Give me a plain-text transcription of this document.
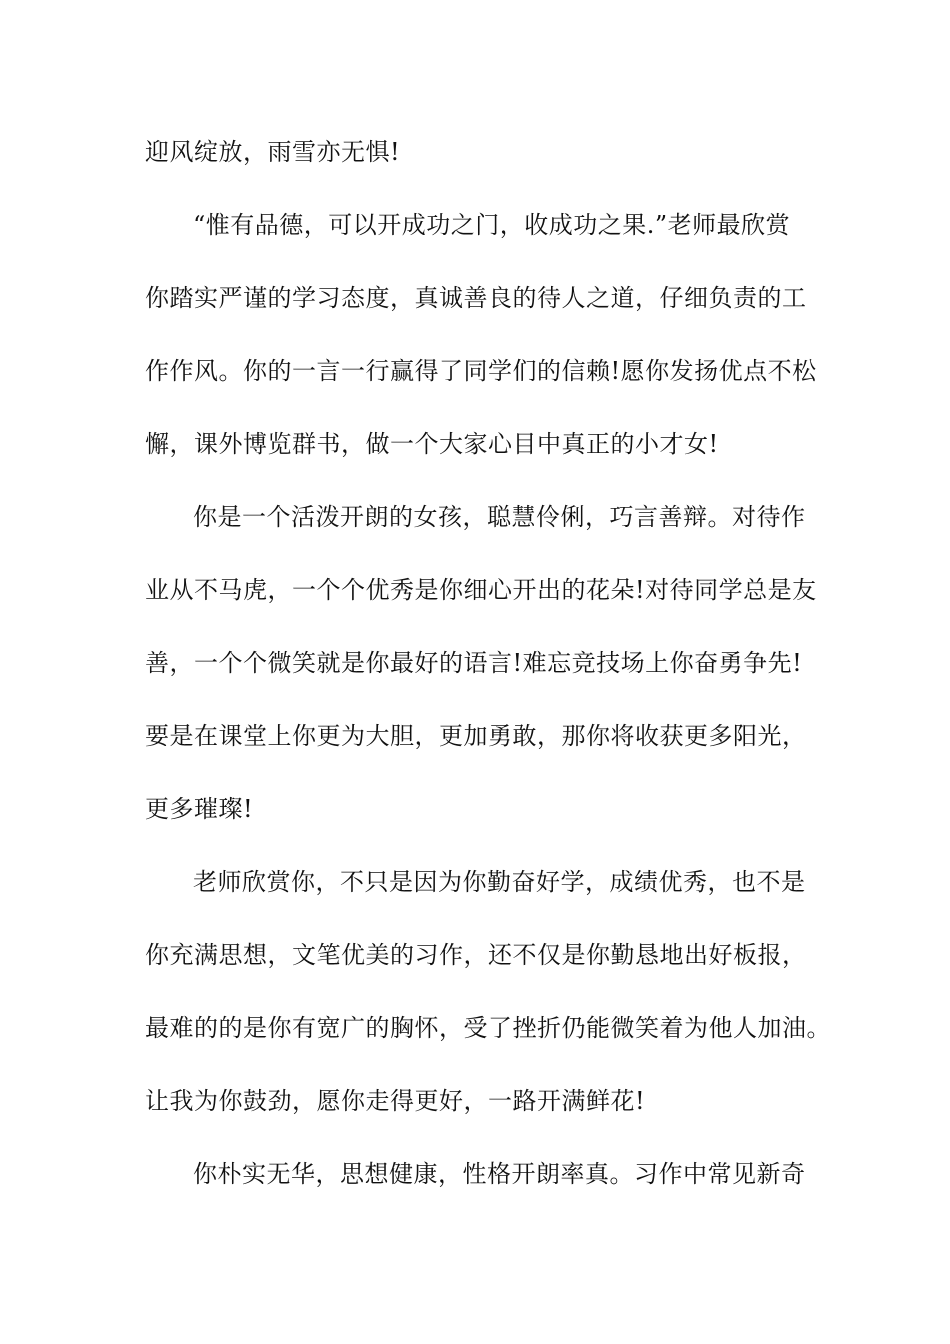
迎风绽放，雨雪亦无惧!
“惟有品德，可以开成功之门，收成功之果.”老师最欣赏
你踏实严谨的学习态度，真诚善良的待人之道，仔细负责的工
作作风。你的一言一行赢得了同学们的信赖!愿你发扬优点不松
懈，课外博览群书，做一个大家心目中真正的小才女!
你是一个活泼开朗的女孩，聪慧伶俐，巧言善辩。对待作
业从不马虎，一个个优秀是你细心开出的花朵!对待同学总是友
善，一个个微笑就是你最好的语言!难忘竞技场上你奋勇争先!
要是在课堂上你更为大胆，更加勇敢，那你将收获更多阳光，
更多璀璨!
老师欣赏你，不只是因为你勤奋好学，成绩优秀，也不是
你充满思想，文笔优美的习作，还不仅是你勤恳地出好板报，
最难的的是你有宽广的胸怀，受了挫折仍能微笑着为他人加油。
让我为你鼓劲，愿你走得更好，一路开满鲜花!
你朴实无华，思想健康，性格开朗率真。习作中常见新奇
